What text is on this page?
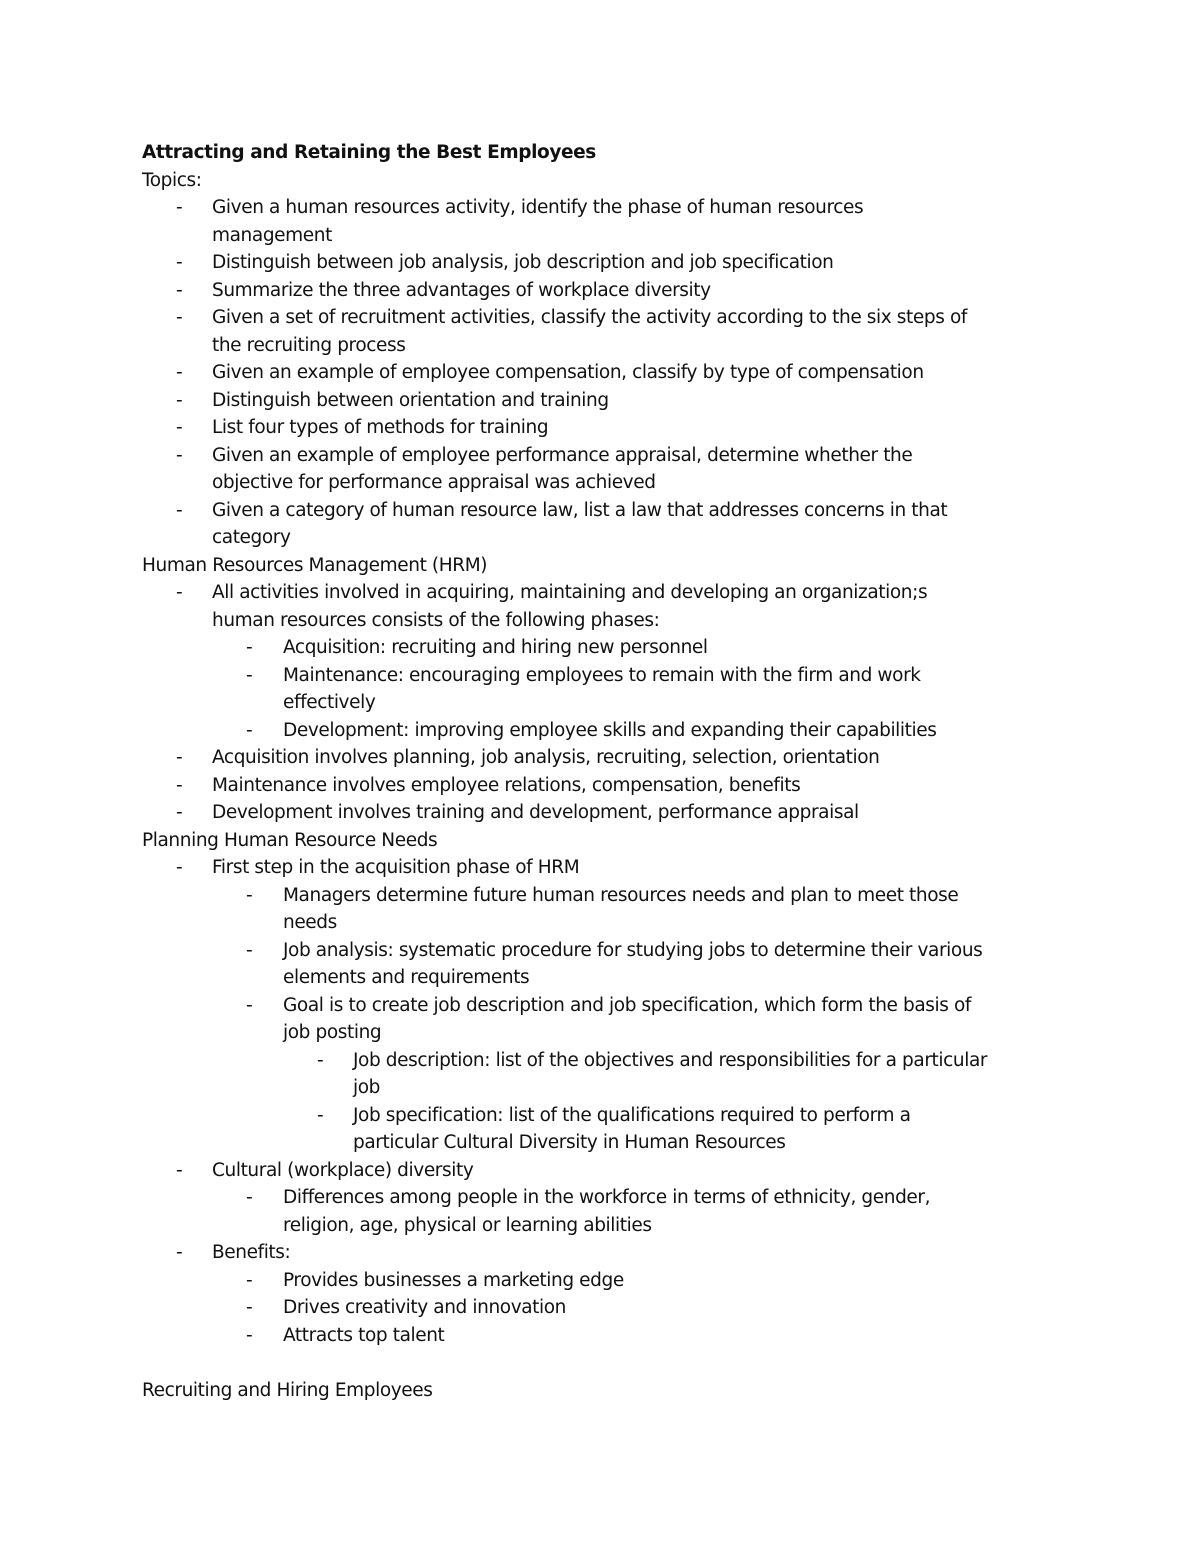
Attracting and Retaining the Best Employees
Topics:
- Given a human resources activity, identify the phase of human resources
management
- Distinguish between job analysis, job description and job specification
- Summarize the three advantages of workplace diversity
- Given a set of recruitment activities, classify the activity according to the six steps of
the recruiting process
- Given an example of employee compensation, classify by type of compensation
- Distinguish between orientation and training
- List four types of methods for training
- Given an example of employee performance appraisal, determine whether the
objective for performance appraisal was achieved
- Given a category of human resource law, list a law that addresses concerns in that
category
Human Resources Management (HRM)
- All activities involved in acquiring, maintaining and developing an organization;s
human resources consists of the following phases:
- Acquisition: recruiting and hiring new personnel
- Maintenance: encouraging employees to remain with the firm and work
effectively
- Development: improving employee skills and expanding their capabilities
- Acquisition involves planning, job analysis, recruiting, selection, orientation
- Maintenance involves employee relations, compensation, benefits
- Development involves training and development, performance appraisal
Planning Human Resource Needs
- First step in the acquisition phase of HRM
- Managers determine future human resources needs and plan to meet those
needs
- Job analysis: systematic procedure for studying jobs to determine their various
elements and requirements
- Goal is to create job description and job specification, which form the basis of
job posting
- Job description: list of the objectives and responsibilities for a particular
job
- Job specification: list of the qualifications required to perform a
particular Cultural Diversity in Human Resources
- Cultural (workplace) diversity
- Differences among people in the workforce in terms of ethnicity, gender,
religion, age, physical or learning abilities
- Benefits:
- Provides businesses a marketing edge
- Drives creativity and innovation
- Attracts top talent
Recruiting and Hiring Employees
